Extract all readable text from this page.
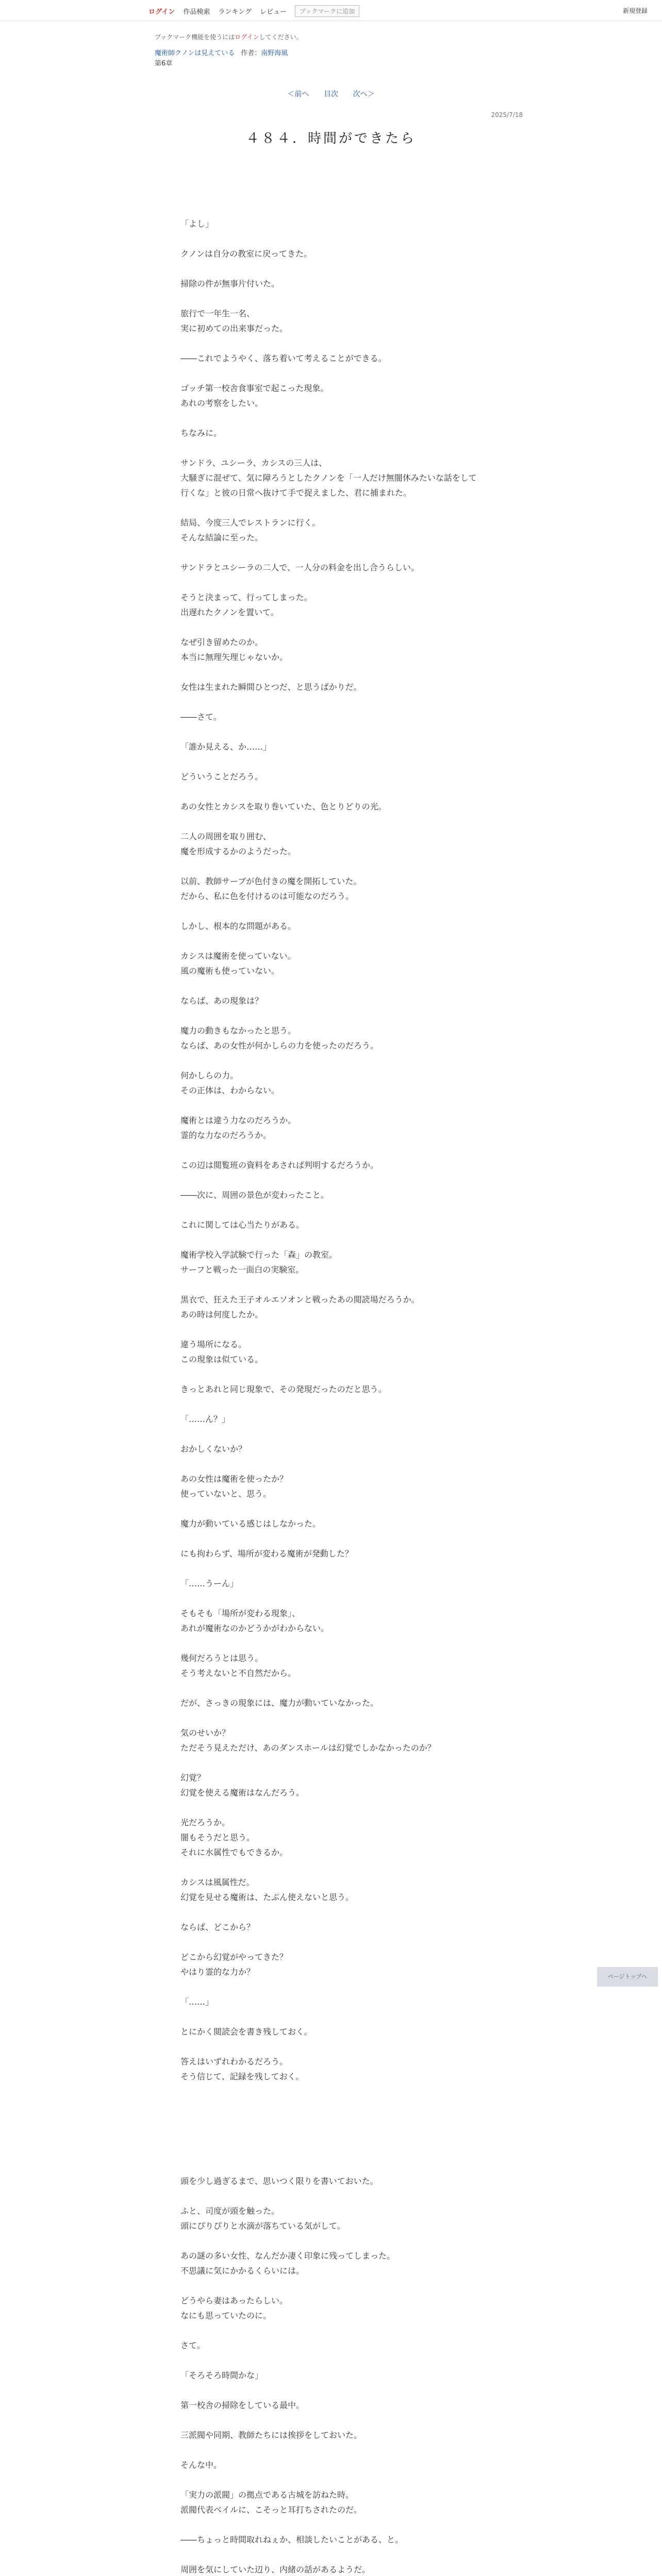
ログイン 作品検索 ランキング レビュー	ブックマークに追加	新規登録
ブックマーク機能を使うにはログインしてください。
魔術師クノンは見えている 作者：南野海風
第6章
＜前へ 目次 次へ＞
2025/7/18
４８４．時間ができたら

「よし」

クノンは自分の教室に戻ってきた。

掃除の件が無事片付いた。

旅行で一年生一名、

実に初めての出来事だった。

――これでようやく、落ち着いて考えることができる。

ゴッチ第一校舎食事室で起こった現象。

あれの考察をしたい。

ちなみに。

サンドラ、ユシーラ、カシスの三人は、

大騒ぎに混ぜて、気に障ろうとしたクノンを「一人だけ無闇休みたいな話をして

行くな」と彼の日常へ抜けて手で捉えました、君に捕まれた。

結局、今度三人でレストランに行く。

そんな結論に至った。

サンドラとユシーラの二人で、一人分の料金を出し合うらしい。

そうと決まって、行ってしまった。

出遅れたクノンを置いて。

なぜ引き留めたのか。

本当に無理矢理じゃないか。

女性は生まれた瞬間ひとつだ、と思うばかりだ。

――さて。

「誰か見える、か……」

どういうことだろう。

あの女性とカシスを取り巻いていた、色とりどりの光。

二人の周囲を取り囲む、

魔を形成するかのようだった。

以前、教師サーブが色付きの魔を開拓していた。

だから、私に色を付けるのは可能なのだろう。

しかし、根本的な問題がある。

カシスは魔術を使っていない。

風の魔術も使っていない。

ならば、あの現象は？

魔力の動きもなかったと思う。

ならば、あの女性が何かしらの力を使ったのだろう。

何かしらの力。

その正体は、わからない。

魔術とは違う力なのだろうか。

霊的な力なのだろうか。

この辺は閲覧班の資料をあされば判明するだろうか。

――次に、周囲の景色が変わったこと。

これに関しては心当たりがある。

魔術学校入学試験で行った「森」の教室。

サーフと戦った一面白の実験室。

黒衣で、狂えた王子オルエソオンと戦ったあの閲読場だろうか。

あの時は何度したか。

違う場所になる。

この現象は似ている。

きっとあれと同じ現象で、その発現だったのだと思う。

「……ん？」

おかしくないか？

あの女性は魔術を使ったか？

使っていないと、思う。

魔力が動いている感じはしなかった。

にも拘わらず、場所が変わる魔術が発動した？

「……うーん」

そもそも「場所が変わる現象」、

あれが魔術なのかどうかがわからない。

幾何だろうとは思う。

そう考えないと不自然だから。

だが、さっきの現象には、魔力が動いていなかった。

気のせいか？

ただそう見えただけ、あのダンスホールは幻覚でしかなかったのか？

幻覚？

幻覚を使える魔術はなんだろう。

光だろうか。

闇もそうだと思う。

それに水属性でもできるか。

カシスは風属性だ。

幻覚を見せる魔術は、たぶん使えないと思う。

ならば、どこから？

どこから幻覚がやってきた？

やはり霊的な力か？

「……」

とにかく閲読会を書き残しておく。

答えはいずれわかるだろう。

そう信じて、記録を残しておく。

頭を少し過ぎるまで、思いつく限りを書いておいた。

ふと、司度が頭を触った。

頭にぴりぴりと水滴が落ちている気がして。

あの謎の多い女性、なんだか凄く印象に残ってしまった。

不思議に気にかかるくらいには。

どうやら妻はあったらしい。

なにも思っていたのに。

さて。

「そろそろ時間かな」

第一校舎の掃除をしている最中。

三派閥や同期、教師たちには挨拶をしておいた。

そんな中。

「実力の派閥」の拠点である古城を訪ねた時。

派閥代表ベイルに、こそっと耳打ちされたのだ。

――ちょっと時間取れねぇか、相談したいことがある、と。

周囲を気にしていた辺り、内緒の話があるようだ。

ページトップへ
